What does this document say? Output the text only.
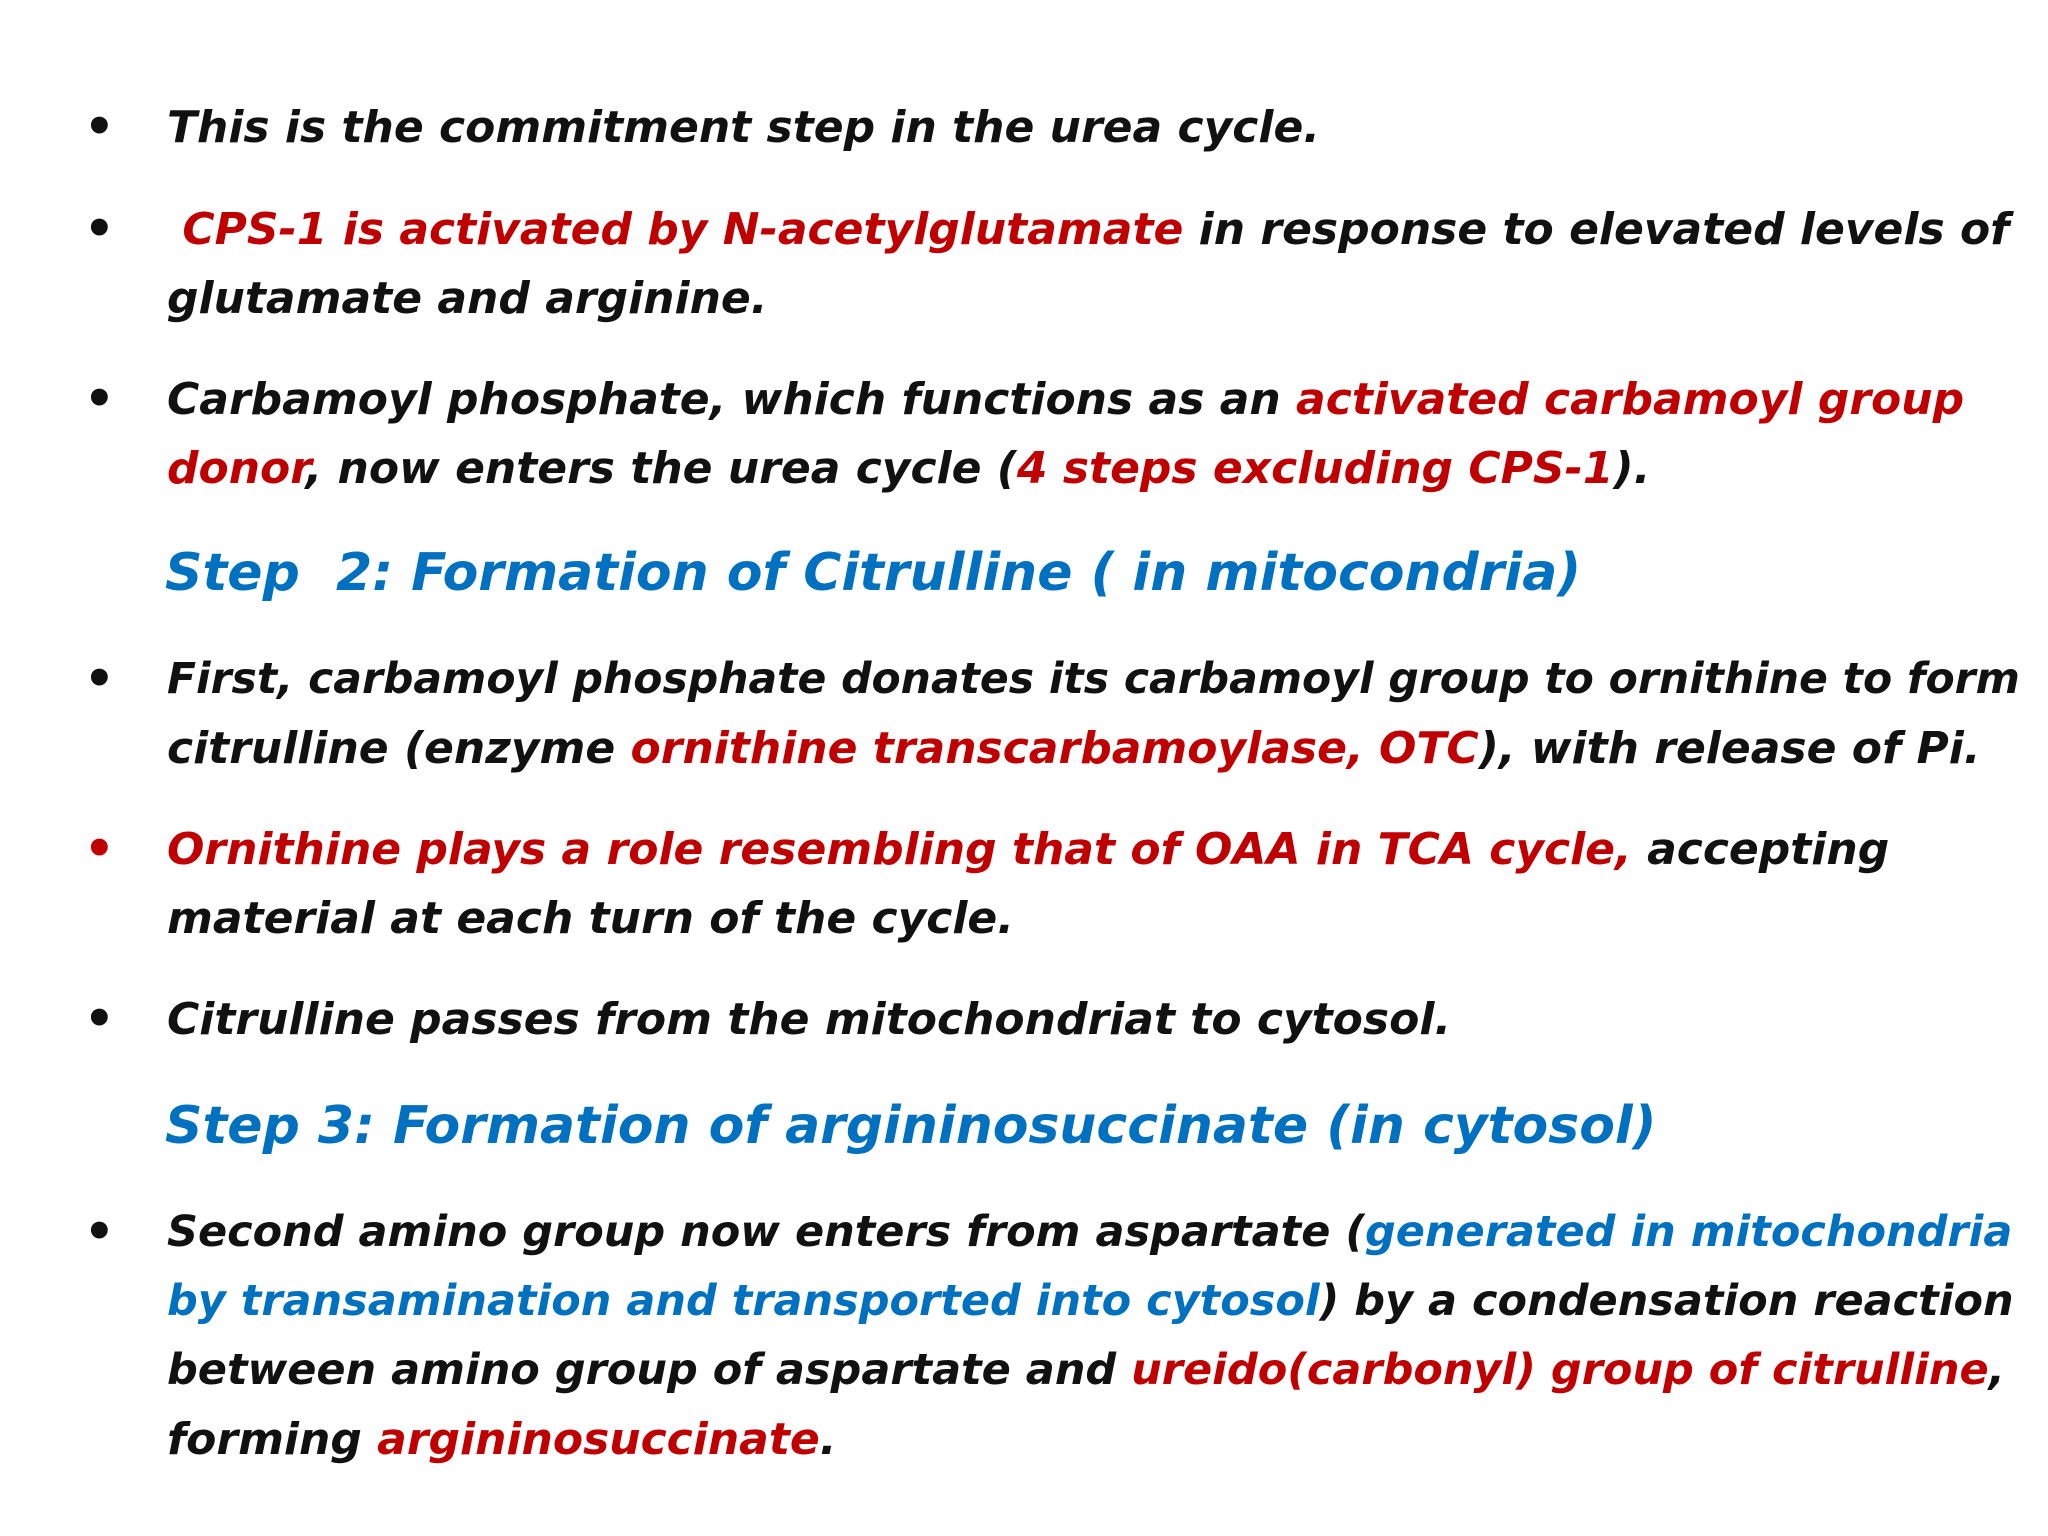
• This is the commitment step in the urea cycle.
• CPS-1 is activated by N-acetylglutamate in response to elevated levels of
glutamate and arginine.
• Carbamoyl phosphate, which functions as an activated carbamoyl group
donor, now enters the urea cycle (4 steps excluding CPS-1).
Step  2: Formation of Citrulline ( in mitocondria)
• First, carbamoyl phosphate donates its carbamoyl group to ornithine to form
citrulline (enzyme ornithine transcarbamoylase, OTC), with release of Pi.
• Ornithine plays a role resembling that of OAA in TCA cycle, accepting
material at each turn of the cycle.
• Citrulline passes from the mitochondriat to cytosol.
Step 3: Formation of argininosuccinate (in cytosol)
• Second amino group now enters from aspartate (generated in mitochondria
by transamination and transported into cytosol) by a condensation reaction
between amino group of aspartate and ureido(carbonyl) group of citrulline,
forming argininosuccinate.
